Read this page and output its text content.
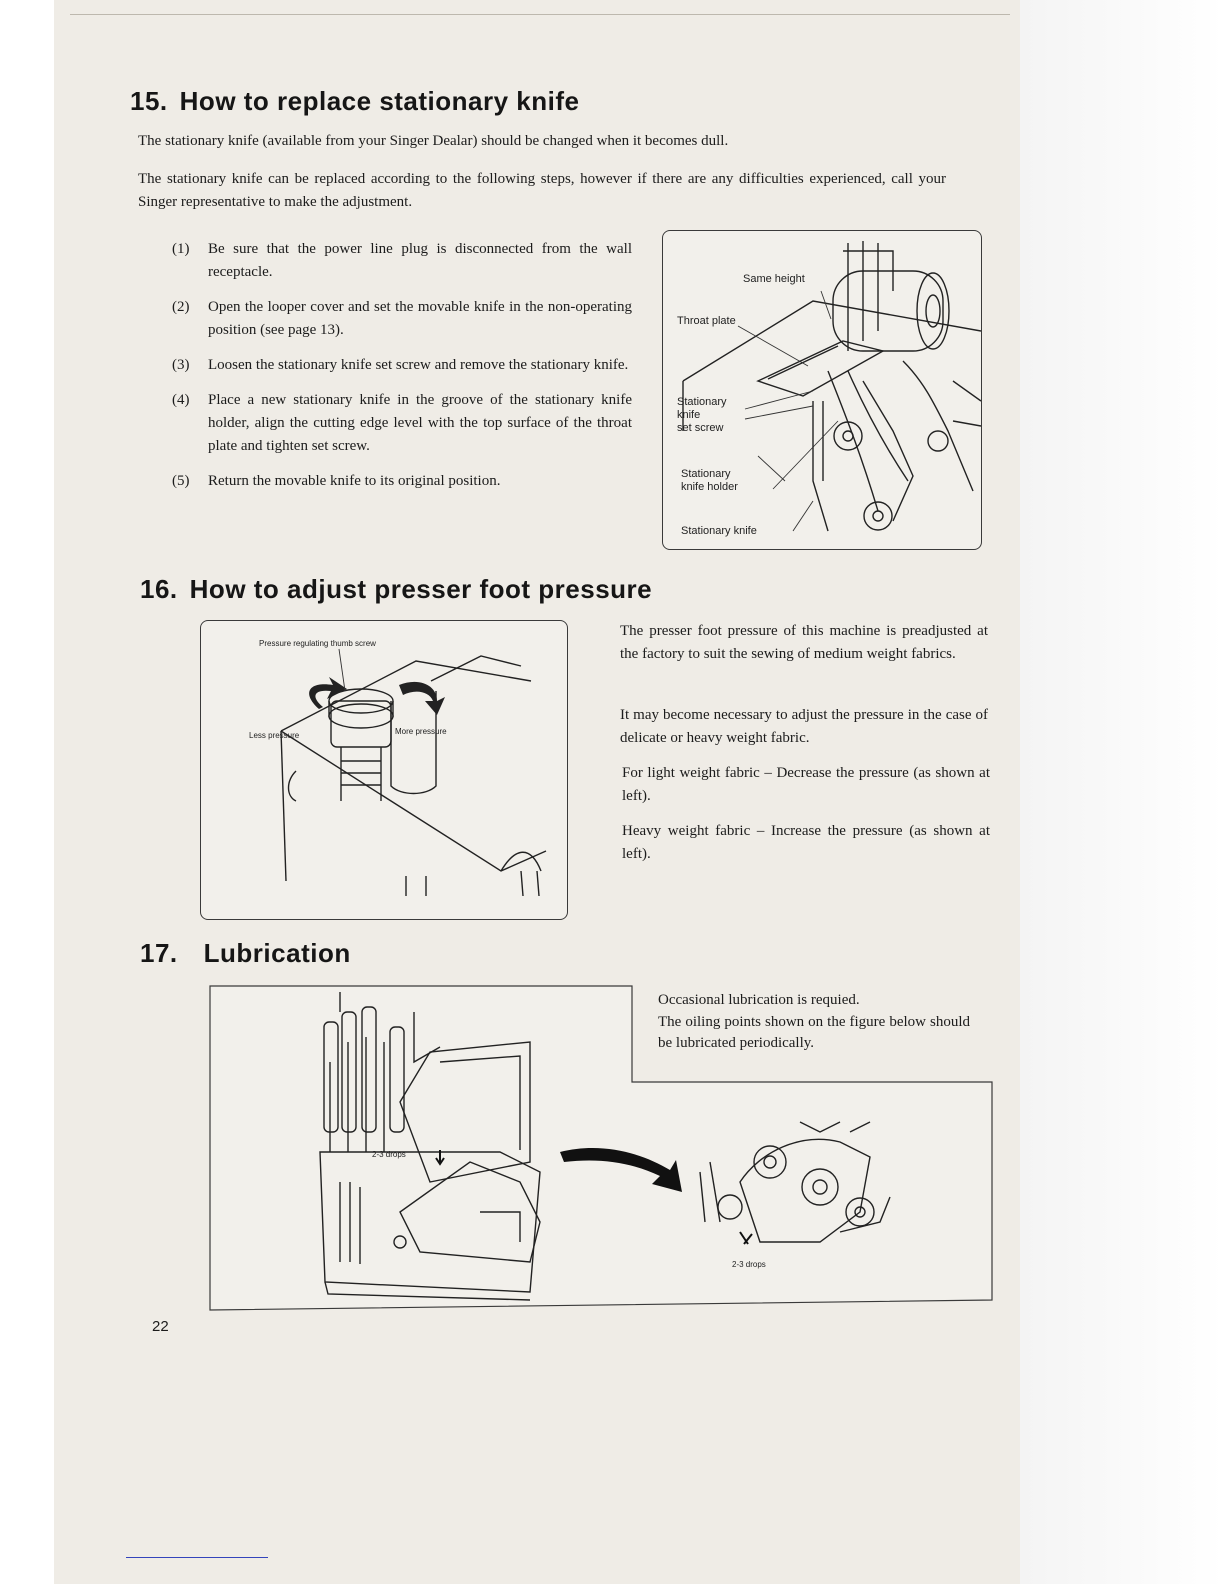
15. How to replace stationary knife

The stationary knife (available from your Singer Dealar) should be changed when it becomes dull.

The stationary knife can be replaced according to the following steps, however if there are any difficulties experienced, call your Singer representative to make the adjustment.

(1)	Be sure that the power line plug is disconnected from the wall receptacle.
(2)	Open the looper cover and set the movable knife in the non-operating position (see page 13).
(3)	Loosen the stationary knife set screw and remove the stationary knife.
(4)	Place a new stationary knife in the groove of the stationary knife holder, align the cutting edge level with the top surface of the throat plate and tighten set screw.
(5)	Return the movable knife to its original position.
Same height
Throat plate
Stationary
knife
set screw
Stationary
knife holder
Stationary knife
16. How to adjust presser foot pressure
Pressure regulating thumb screw
Less pressure	More pressure

The presser foot pressure of this machine is preadjusted at the factory to suit the sewing of medium weight fabrics.

It may become necessary to adjust the pressure in the case of delicate or heavy weight fabric.

For light weight fabric – Decrease the pressure (as shown at left).

Heavy weight fabric – Increase the pressure (as shown at left).

17. Lubrication

Occasional lubrication is requied.

The oiling points shown on the figure below should be lubricated periodically.

2-3 drops
2-3 drops
22
